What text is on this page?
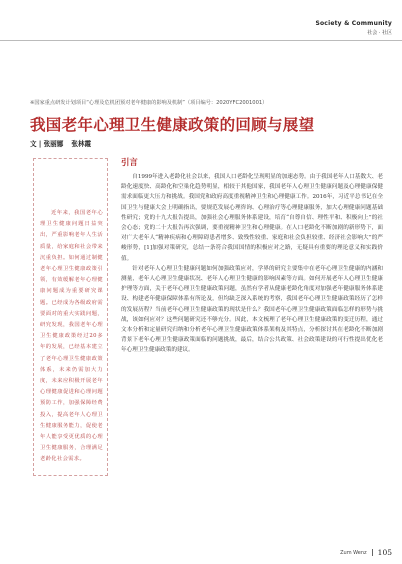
Society & Community
社会 · 社区
※国家重点研发计划项目“心理及危机团预对老年健康的影响及机制”（项目编号：2020YFC2001001）
我国老年心理卫生健康政策的回顾与展望
文 | 张丽娜 张林霞
近年来，我国老年心理卫生健康问题日益突出，严重影响老年人生活质量，给家庭和社会带来沉重负担。如何通过制健老年心理卫生健康政策引领，有效缓解老年心理健康问题成为重要研究课题。已经成为各级政府需要面对的重大实践问题，研究发现，我国老年心理卫生健康政策经过20多年的发展，已经基本建立了老年心理卫生健康政策体系，未来仍需加大力度，未来应积极开展老年心理健康促进和心理问题预防工作，加强保障经费投入，提高老年人心理卫生健康服务能力，促使老年人能享受更优质的心理卫生健康服务，合理满足老龄化社会需求。
引言

自1999年进入老龄化社会以来，我国人口老龄化呈现明显的加速态势。由于我国老年人口基数大、老龄化速度快、高龄化和空巢化趋势明显，相较于其他国家，我国老年人心理卫生健康问题及心理健康保健需求面临更大压力和挑战。我国党和政府高度重视精神卫生和心理健康工作。2016年，习近平总书记在全国卫生与健康大会上明确指出，要规范发展心理咨询、心理治疗等心理健康服务，加大心理健康问题基础性研究；党的十九大报告提出，加强社会心理服务体系建设，培育“自尊自信、理性平和、积极向上”的社会心态；党的二十大报告再次强调，要重视精神卫生和心理健康。在人口老龄化不断加剧的新形势下，面对广大老年人“精神疾病和心理障碍患者增多、致残性较重、家庭和社会负担较重、经济社会影响大”的严峻形势，[1]加强对策研究，总结一条符合我国国情的积极应对之路，无疑具有重要的理论意义和实践价值。

针对老年人心理卫生健康问题如何加强政策应对，学界的研究主要集中在老年心理卫生健康的内涵和测量，老年人心理卫生健康状况、老年人心理卫生健康的影响因素等方面。如何开展老年人心理卫生健康护理等方面，关于老年心理卫生健康政策问题，虽然有学者从健康老龄化角度对加强老年健康服务体系建设、构建老年健康保障体系有所论及，但均缺乏深入系统的考察，我国老年心理卫生健康政策经历了怎样的发展历程？当前老年心理卫生健康政策的现状是什么？我国老年心理卫生健康政策面临怎样的形势与挑战，该如何应对？这些问题研究还不够充分。因此，本文梳理了老年心理卫生健康政策的变迁历程，通过文本分析和定量研究归纳和分析老年心理卫生健康政策体系架构及其特点，分析探讨其在老龄化不断加剧背景下老年心理卫生健康政策面临的问题挑战，最后，结合公共政策、社会政策建设的可行性提出优化老年心理卫生健康政策的建议。

Zum Wenz 105
